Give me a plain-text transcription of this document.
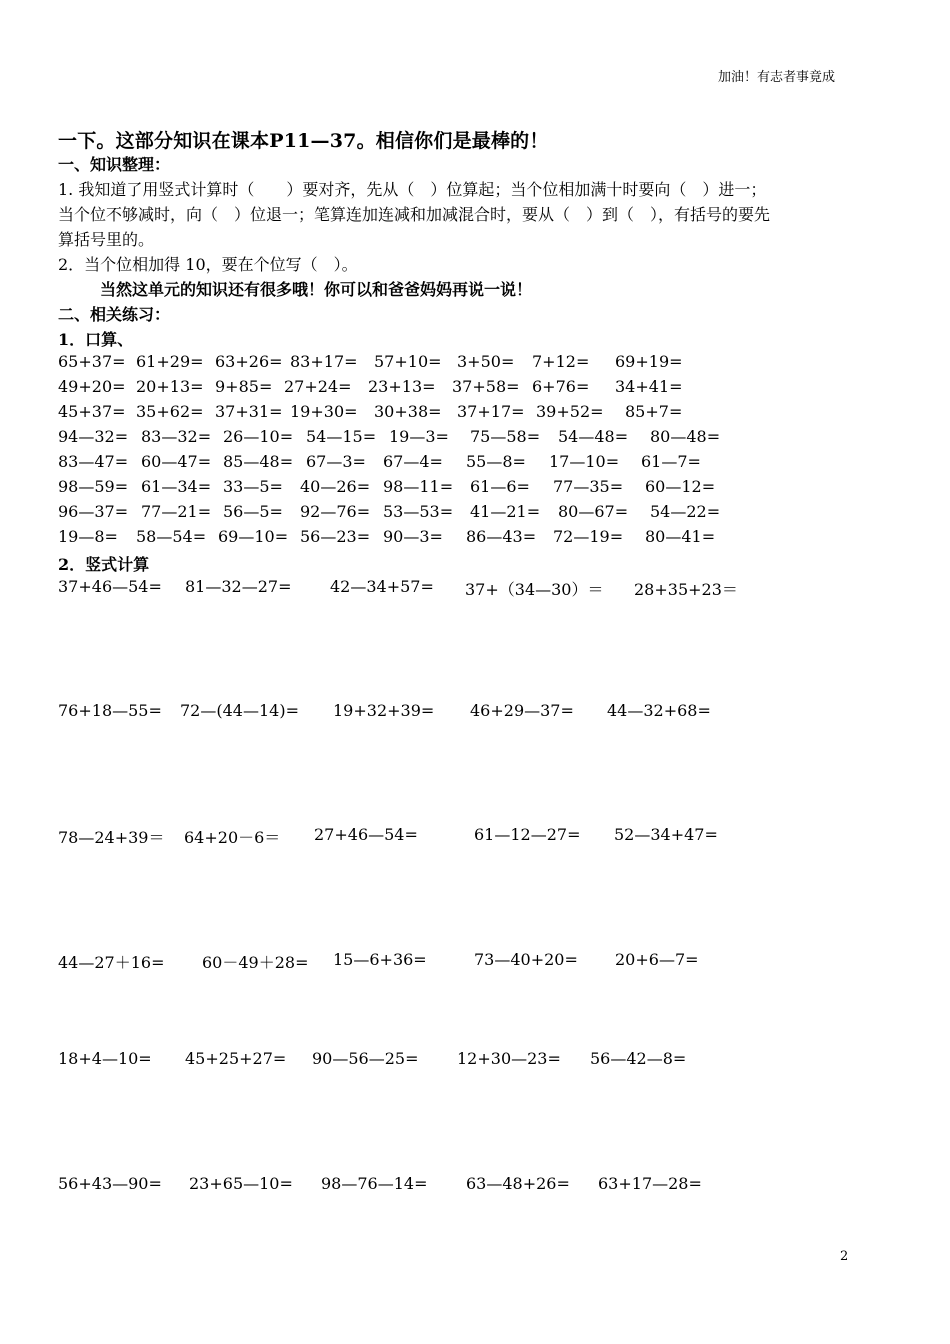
加油！有志者事竟成
一下。这部分知识在课本P11—37。相信你们是最棒的！
一、知识整理：
1. 我知道了用竖式计算时（　　）要对齐，先从（　）位算起；当个位相加满十时要向（　）进一；
当个位不够减时，向（　）位退一；笔算连加连减和加减混合时，要从（　）到（　），有括号的要先
算括号里的。
2．当个位相加得 10，要在个位写（　）。
当然这单元的知识还有很多哦！你可以和爸爸妈妈再说一说！
二、相关练习：
1．口算、
65+37= 61+29= 63+26= 83+17= 57+10= 3+50= 7+12= 69+19=
49+20= 20+13= 9+85= 27+24= 23+13= 37+58= 6+76= 34+41=
45+37= 35+62= 37+31= 19+30= 30+38= 37+17= 39+52= 85+7=
94—32= 83—32= 26—10= 54—15= 19—3= 75—58= 54—48= 80—48=
83—47= 60—47= 85—48= 67—3= 67—4= 55—8= 17—10= 61—7=
98—59= 61—34= 33—5= 40—26= 98—11= 61—6= 77—35= 60—12=
96—37= 77—21= 56—5= 92—76= 53—53= 41—21= 80—67= 54—22=
19—8= 58—54= 69—10= 56—23= 90—3= 86—43= 72—19= 80—41=
2．竖式计算
37+46—54= 81—32—27= 42—34+57= 37+（34—30）＝ 28+35+23＝
76+18—55= 72—(44—14)= 19+32+39= 46+29—37= 44—32+68=
78—24+39＝ 64+20－6＝ 27+46—54=	61—12—27= 52—34+47=
44—27＋16= 60－49＋28= 15—6+36=	73—40+20= 20+6—7=
18+4—10= 45+25+27= 90—56—25= 12+30—23= 56—42—8=
56+43—90= 23+65—10= 98—76—14= 63—48+26= 63+17—28=
2
